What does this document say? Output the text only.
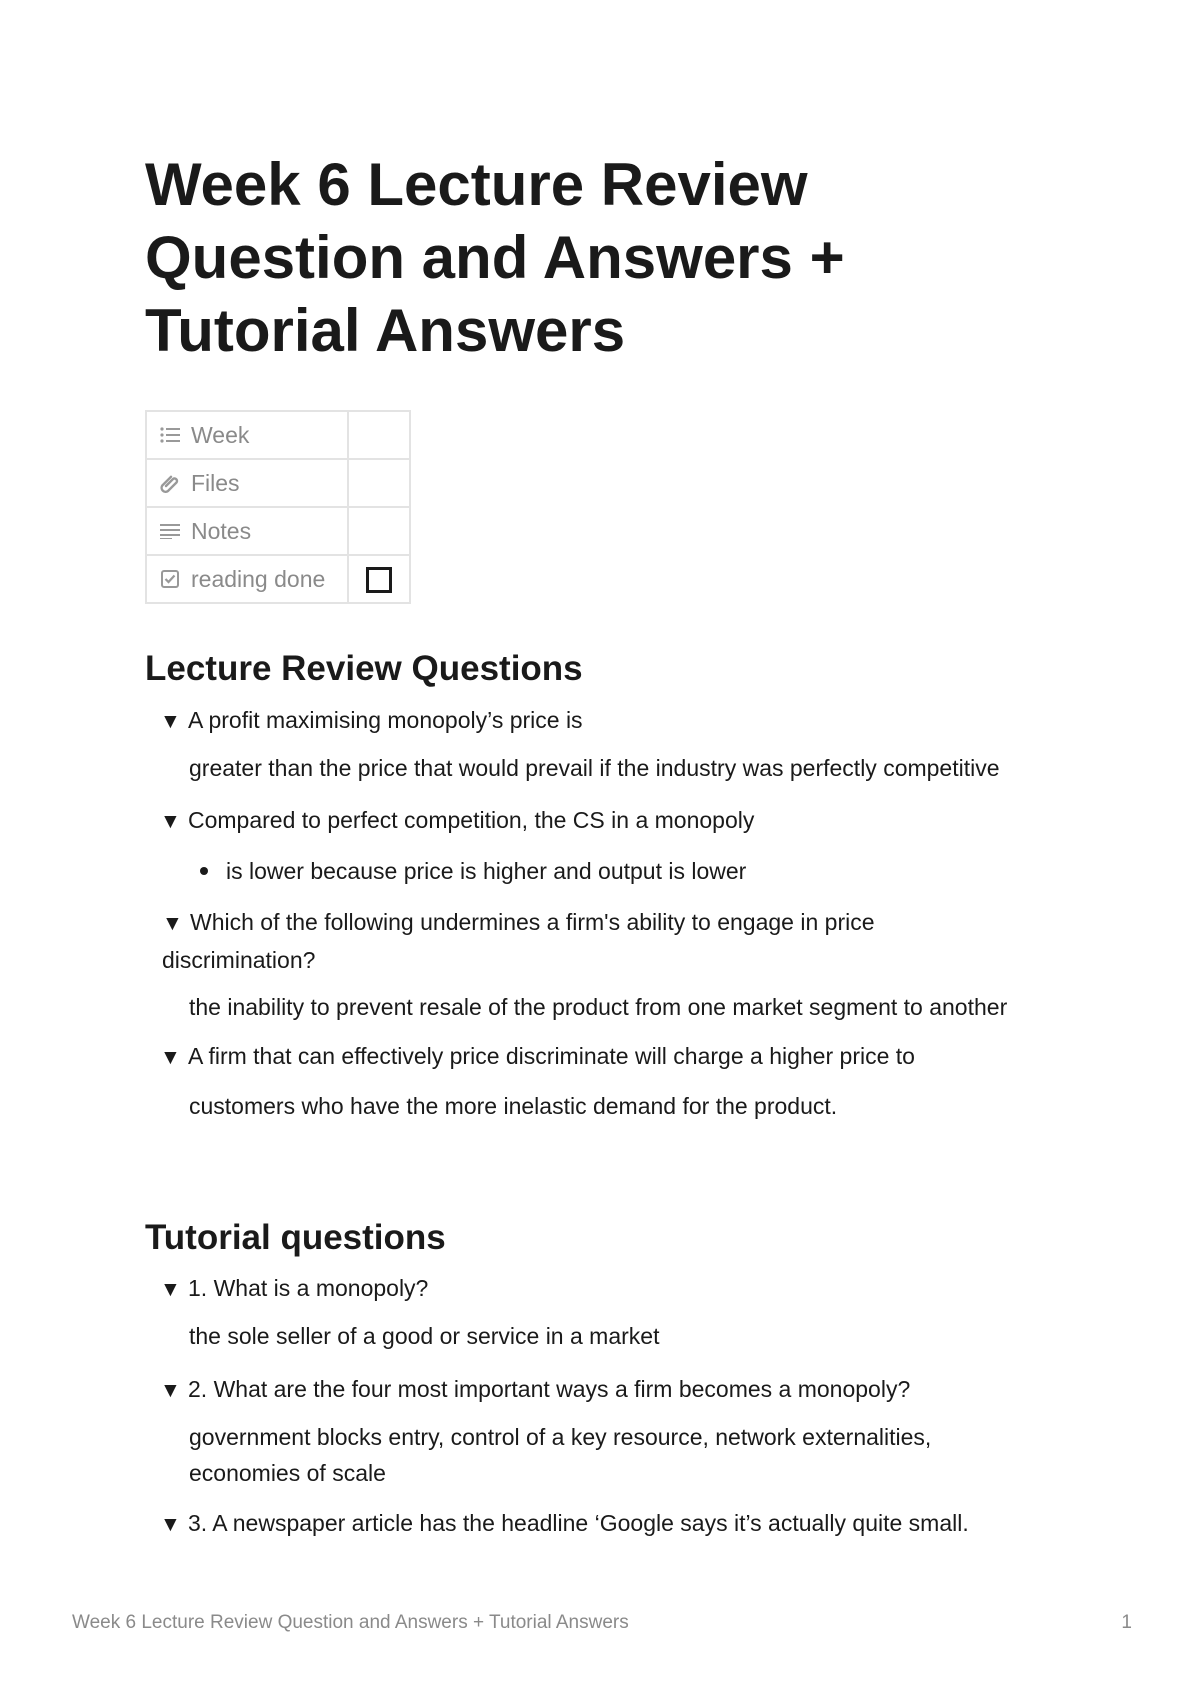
Week 6 Lecture Review Question and Answers + Tutorial Answers
Week	

Files	

Notes	

reading done	

Lecture Review Questions
▼ A profit maximising monopoly’s price is
greater than the price that would prevail if the industry was perfectly competitive
▼ Compared to perfect competition, the CS in a monopoly
is lower because price is higher and output is lower
▼ Which of the following undermines a firm's ability to engage in price discrimination?
the inability to prevent resale of the product from one market segment to another
▼ A firm that can effectively price discriminate will charge a higher price to
customers who have the more inelastic demand for the product.
Tutorial questions
▼ 1. What is a monopoly?
the sole seller of a good or service in a market
▼ 2. What are the four most important ways a firm becomes a monopoly?
government blocks entry, control of a key resource, network externalities, economies of scale
▼ 3. A newspaper article has the headline ‘Google says it’s actually quite small.
Week 6 Lecture Review Question and Answers + Tutorial Answers	1
